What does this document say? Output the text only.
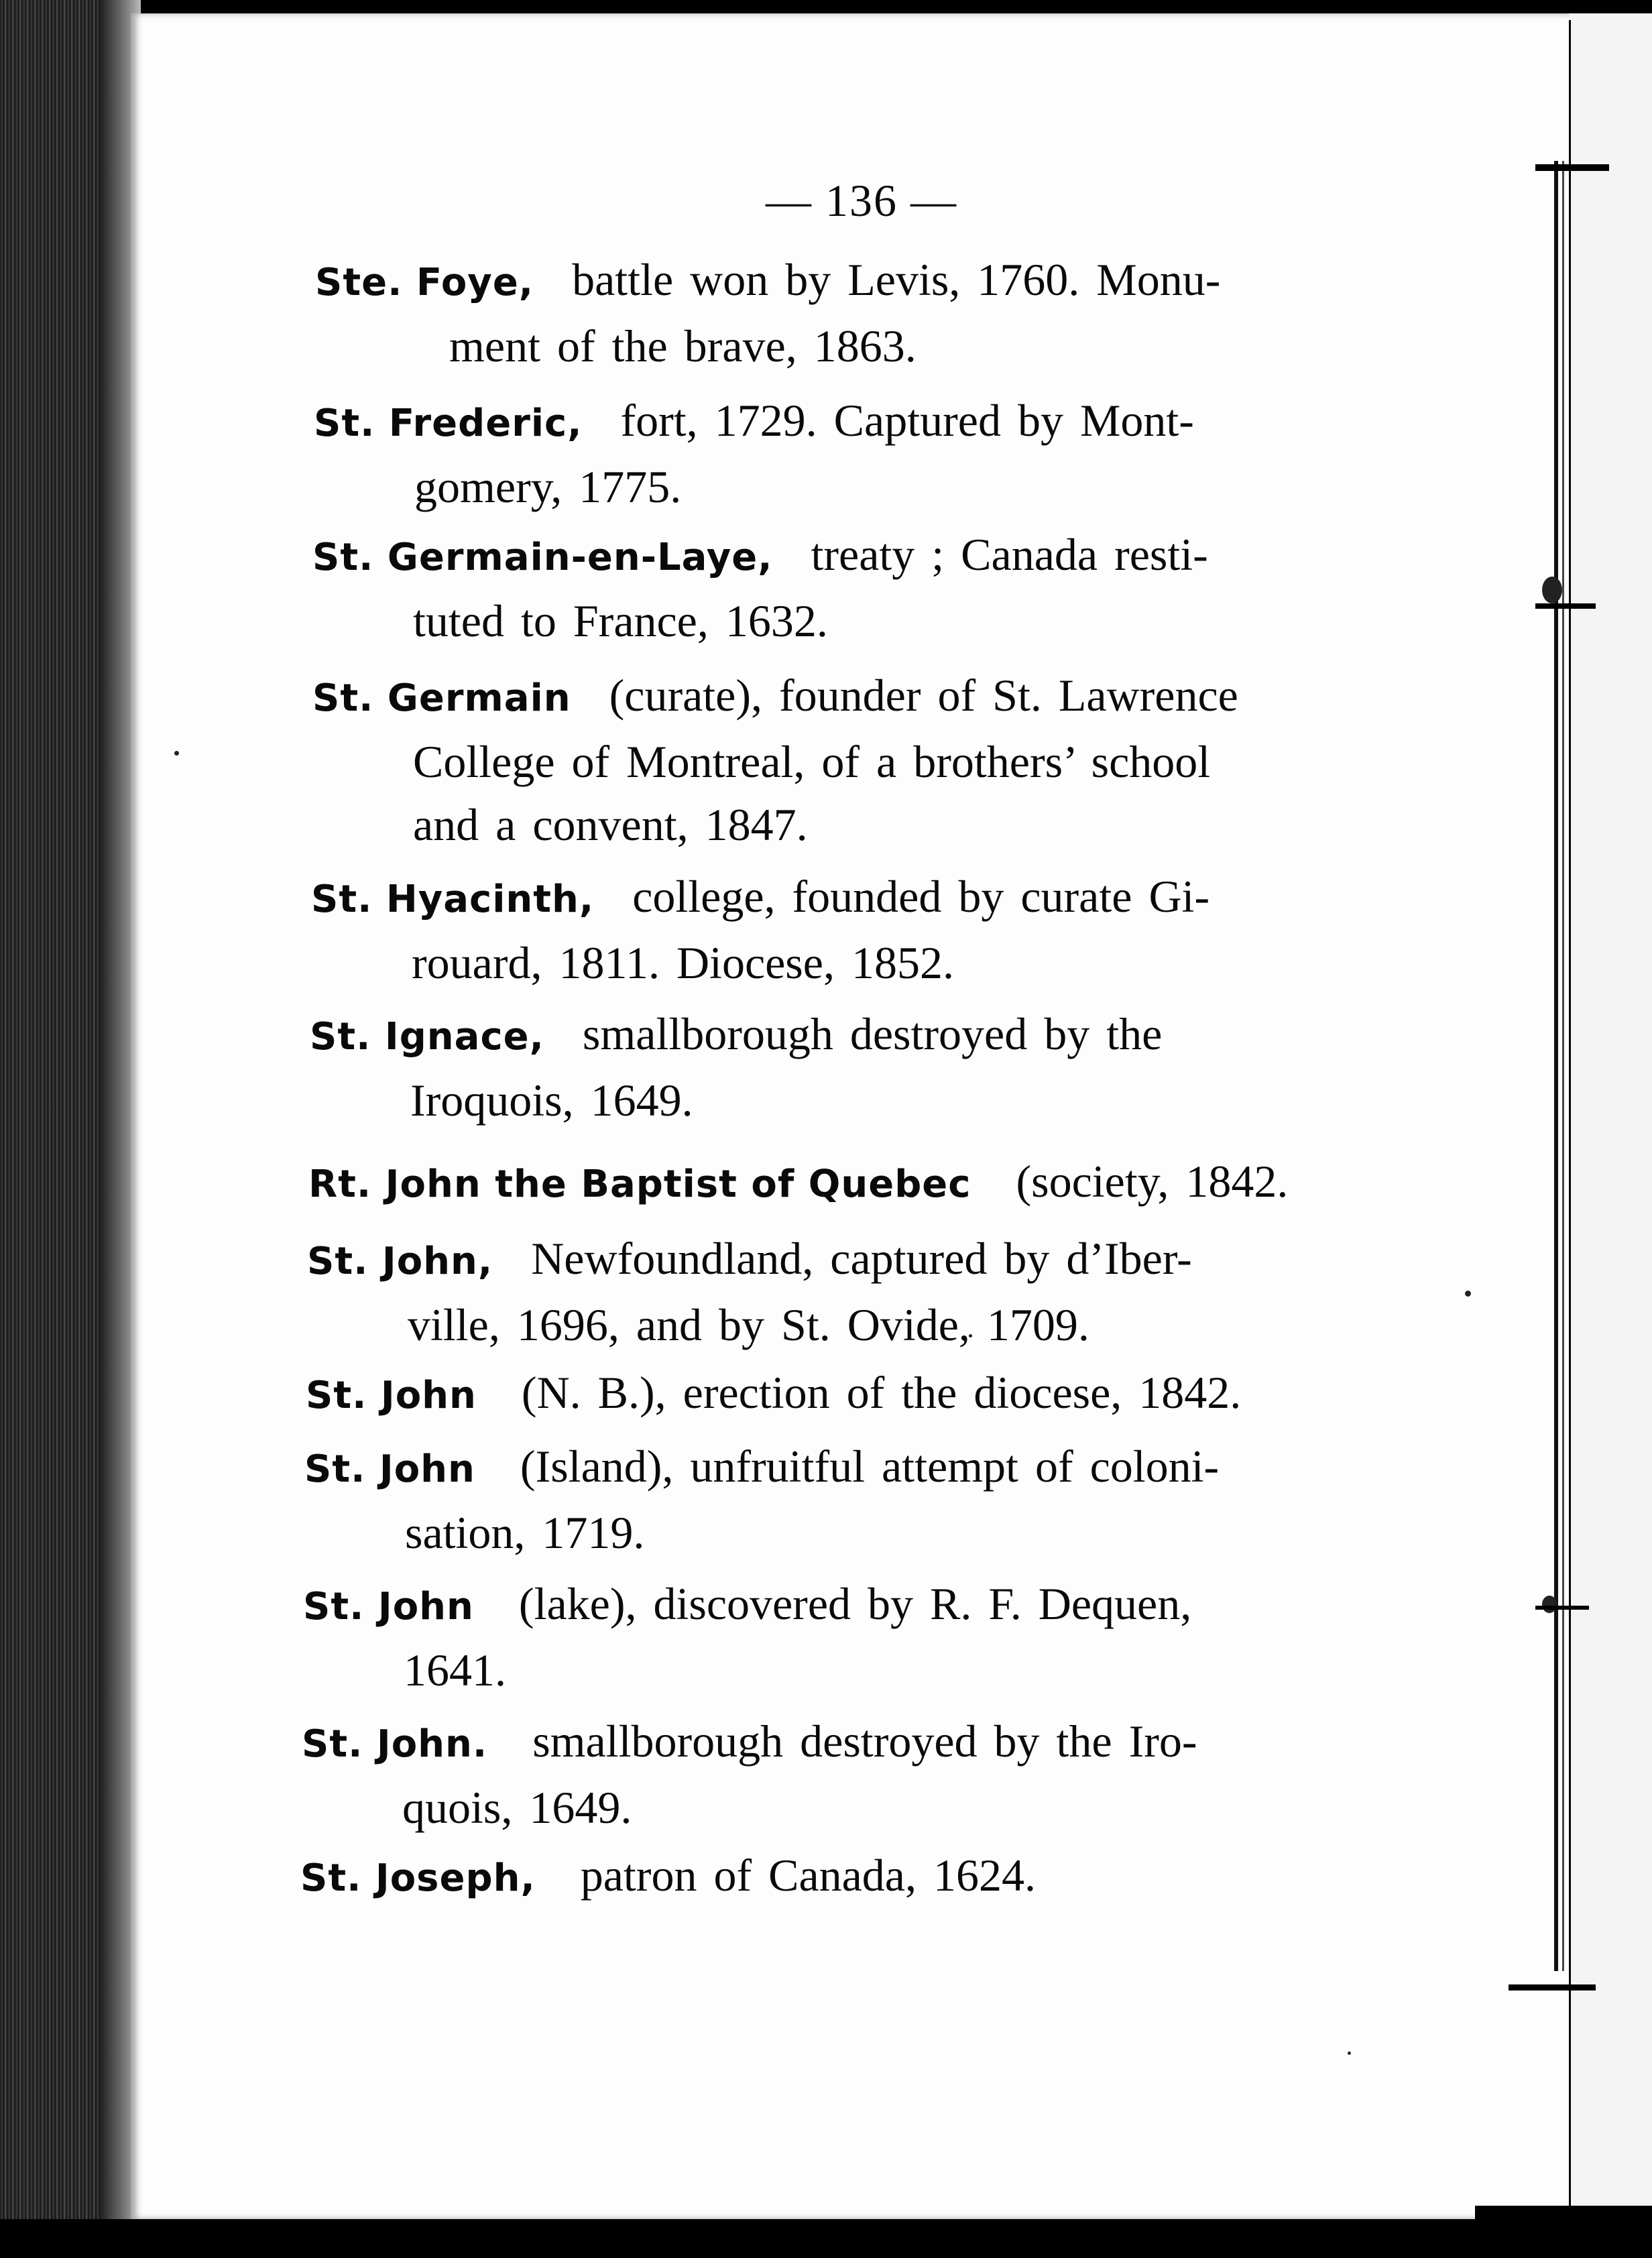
— 136 —
Ste. Foye, battle won by Levis, 1760. Monu-
ment of the brave, 1863.
St. Frederic, fort, 1729. Captured by Mont-
gomery, 1775.
St. Germain-en-Laye, treaty ; Canada resti-
tuted to France, 1632.
St. Germain (curate), founder of St. Lawrence
College of Montreal, of a brothers’ school
and a convent, 1847.
St. Hyacinth, college, founded by curate Gi-
rouard, 1811. Diocese, 1852.
St. Ignace, smallborough destroyed by the
Iroquois, 1649.
Rt. John the Baptist of Quebec (society, 1842.
St. John, Newfoundland, captured by d’Iber-
ville, 1696, and by St. Ovide, 1709.
St. John (N. B.), erection of the diocese, 1842.
St. John (Island), unfruitful attempt of coloni-
sation, 1719.
St. John (lake), discovered by R. F. Dequen,
1641.
St. John. smallborough destroyed by the Iro-
quois, 1649.
St. Joseph, patron of Canada, 1624.
